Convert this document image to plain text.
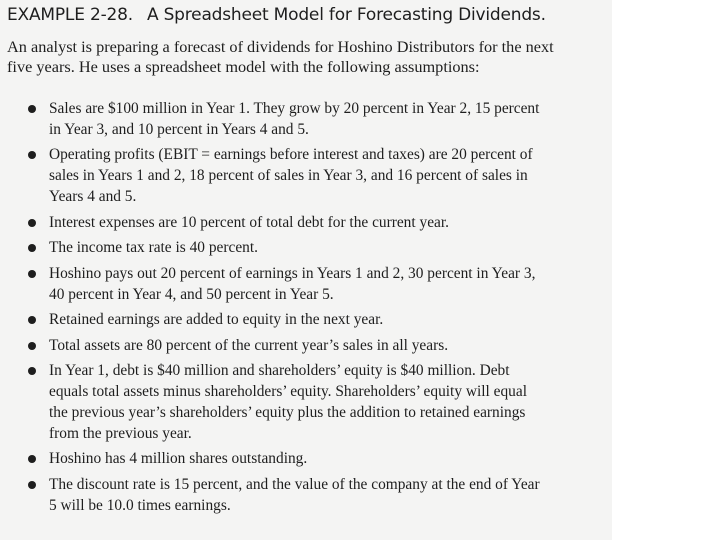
EXAMPLE 2-28. A Spreadsheet Model for Forecasting Dividends.
An analyst is preparing a forecast of dividends for Hoshino Distributors for the next
five years. He uses a spreadsheet model with the following assumptions:
Sales are $100 million in Year 1. They grow by 20 percent in Year 2, 15 percent
in Year 3, and 10 percent in Years 4 and 5.
Operating profits (EBIT = earnings before interest and taxes) are 20 percent of
sales in Years 1 and 2, 18 percent of sales in Year 3, and 16 percent of sales in
Years 4 and 5.
Interest expenses are 10 percent of total debt for the current year.
The income tax rate is 40 percent.
Hoshino pays out 20 percent of earnings in Years 1 and 2, 30 percent in Year 3,
40 percent in Year 4, and 50 percent in Year 5.
Retained earnings are added to equity in the next year.
Total assets are 80 percent of the current year’s sales in all years.
In Year 1, debt is $40 million and shareholders’ equity is $40 million. Debt
equals total assets minus shareholders’ equity. Shareholders’ equity will equal
the previous year’s shareholders’ equity plus the addition to retained earnings
from the previous year.
Hoshino has 4 million shares outstanding.
The discount rate is 15 percent, and the value of the company at the end of Year
5 will be 10.0 times earnings.
